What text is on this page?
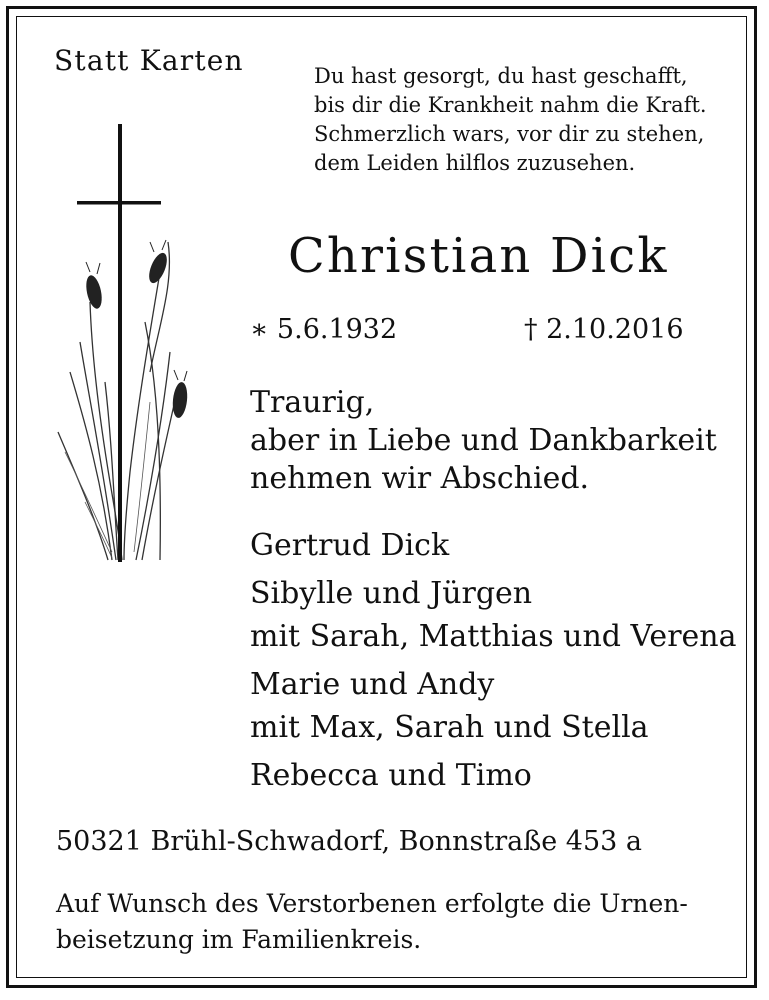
Statt Karten	Du hast gesorgt, du hast geschafft,
bis dir die Krankheit nahm die Kraft.
Schmerzlich wars, vor dir zu stehen,
dem Leiden hilflos zuzusehen.
Christian Dick
∗ 5.6.1932	† 2.10.2016
Traurig,
aber in Liebe und Dankbarkeit
nehmen wir Abschied.
Gertrud Dick
Sibylle und Jürgen
mit Sarah, Matthias und Verena
Marie und Andy
mit Max, Sarah und Stella
Rebecca und Timo
50321 Brühl-Schwadorf, Bonnstraße 453 a
Auf Wunsch des Verstorbenen erfolgte die Urnen-
beisetzung im Familienkreis.
